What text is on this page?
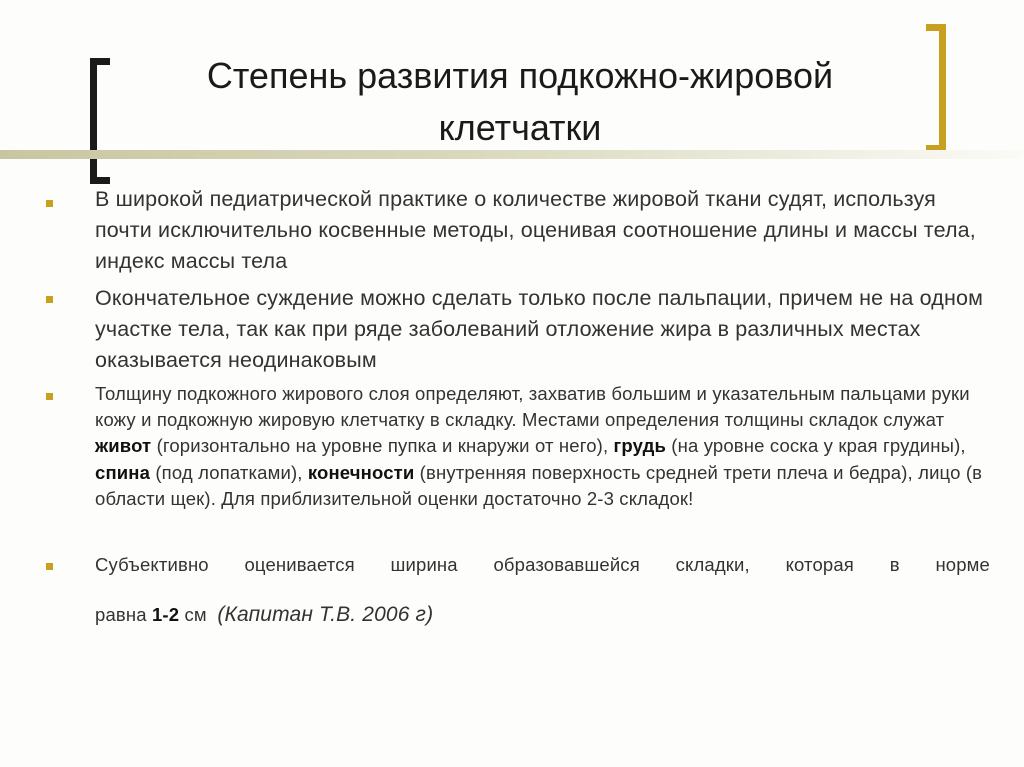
Степень развития подкожно-жировой
клетчатки
В широкой педиатрической практике о количестве жировой ткани судят, используя почти исключительно косвенные методы, оценивая соотношение длины и массы тела, индекс массы тела
Окончательное суждение можно сделать только после пальпации, причем не на одном участке тела, так как при ряде заболеваний отложение жира в различных местах оказывается неодинаковым
Толщину подкожного жирового слоя определяют, захватив большим и указательным пальцами руки кожу и подкожную жировую клетчатку в складку. Местами определения толщины складок служат живот (горизонтально на уровне пупка и кнаружи от него), грудь (на уровне соска у края грудины), спина (под лопатками), конечности (внутренняя поверхность средней трети плеча и бедра), лицо (в области щек). Для приблизительной оценки достаточно 2-3 складок!
Субъективно оценивается ширина образовавшейся складки, которая в норме
равна 1-2 см (Капитан Т.В. 2006 г)
